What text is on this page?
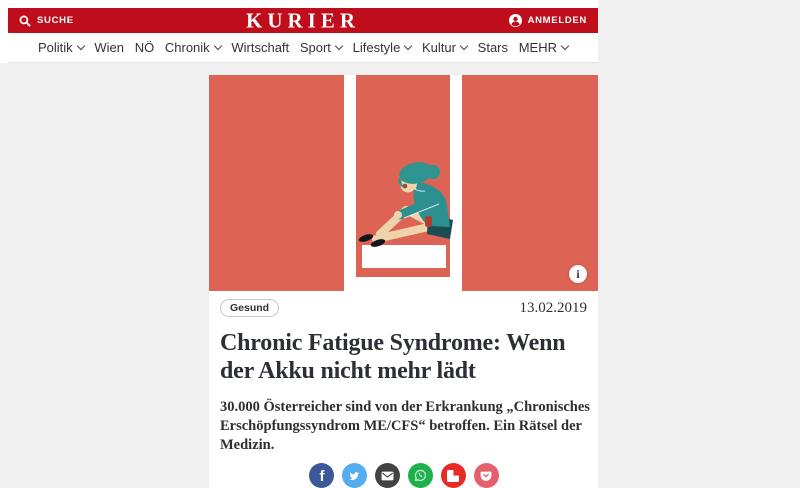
SUCHE	KURIER	ANMELDEN
Politik Wien NÖ Chronik Wirtschaft Sport Lifestyle Kultur Stars MEHR
i
Gesund	13.02.2019
Chronic Fatigue Syndrome: Wenn der Akku nicht mehr lädt

30.000 Österreicher sind von der Erkrankung „Chronisches Erschöpfungssyndrom ME/CFS“ betroffen. Ein Rätsel der Medizin.

f
